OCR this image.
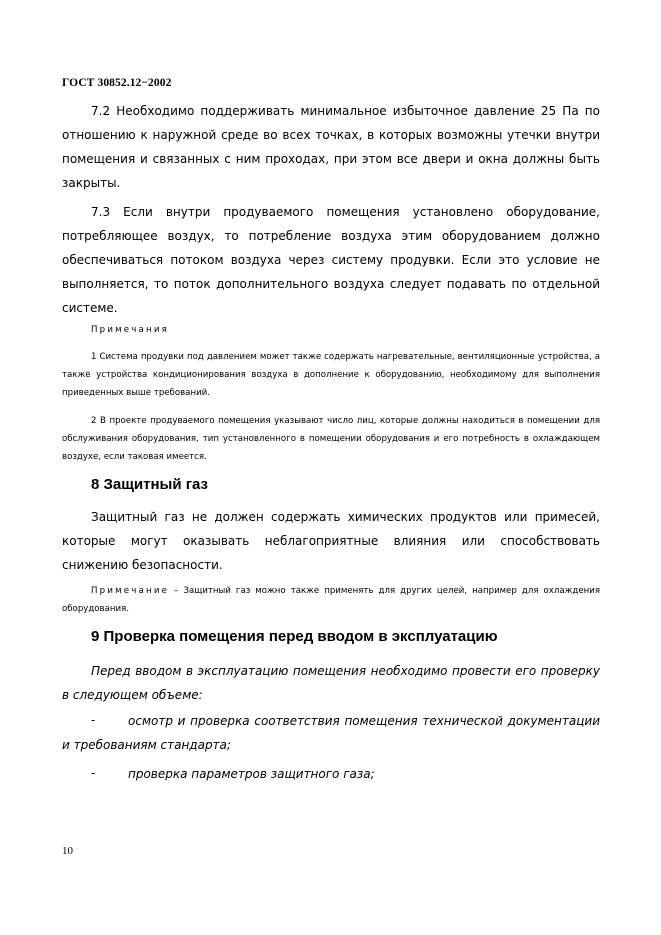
ГОСТ 30852.12−2002

7.2 Необходимо поддерживать минимальное избыточное давление 25 Па по отношению к наружной среде во всех точках, в которых возможны утечки внутри помещения и связанных с ним проходах, при этом все двери и окна должны быть закрыты.

7.3 Если внутри продуваемого помещения установлено оборудование, потребляющее воздух, то потребление воздуха этим оборудованием должно обеспечиваться потоком воздуха через систему продувки. Если это условие не выполняется, то поток дополнительного воздуха следует подавать по отдельной системе.

Примечания

1 Система продувки под давлением может также содержать нагревательные, вентиляционные устройства, а также устройства кондиционирования воздуха в дополнение к оборудованию, необходимому для выполнения приведенных выше требований.

2 В проекте продуваемого помещения указывают число лиц, которые должны находиться в помещении для обслуживания оборудования, тип установленного в помещении оборудования и его потребность в охлаждающем воздухе, если таковая имеется.

8 Защитный газ

Защитный газ не должен содержать химических продуктов или примесей, которые могут оказывать неблагоприятные влияния или способствовать снижению безопасности.

Примечание – Защитный газ можно также применять для других целей, например для охлаждения оборудования.

9 Проверка помещения перед вводом в эксплуатацию

Перед вводом в эксплуатацию помещения необходимо провести его проверку в следующем объеме:

-	осмотр и проверка соответствия помещения технической документации и требованиям стандарта;

-	проверка параметров защитного газа;

10
